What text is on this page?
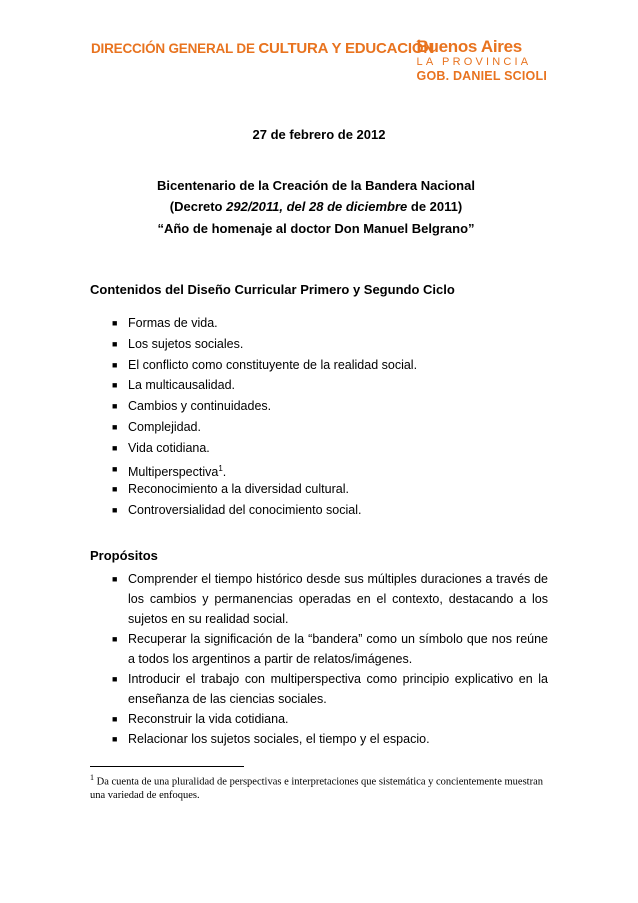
DIRECCIÓN GENERAL DE CULTURA Y EDUCACIÓN
Buenos Aires
LA PROVINCIA
GOB. DANIEL SCIOLI
27 de febrero de 2012
Bicentenario de la Creación de la Bandera Nacional
(Decreto 292/2011, del 28 de diciembre de 2011)
“Año de homenaje al doctor Don Manuel Belgrano”
Contenidos del Diseño Curricular Primero y Segundo Ciclo
■ Formas de vida.
■ Los sujetos sociales.
■ El conflicto como constituyente de la realidad social.
■ La multicausalidad.
■ Cambios y continuidades.
■ Complejidad.
■ Vida cotidiana.
■ Multiperspectiva$^1$.
■ Reconocimiento a la diversidad cultural.
■ Controversialidad del conocimiento social.
Propósitos
■ Comprender el tiempo histórico desde sus múltiples duraciones a través de los cambios y permanencias operadas en el contexto, destacando a los sujetos en su realidad social.
■ Recuperar la significación de la “bandera” como un símbolo que nos reúne a todos los argentinos a partir de relatos/imágenes.
■ Introducir el trabajo con multiperspectiva como principio explicativo en la enseñanza de las ciencias sociales.
■ Reconstruir la vida cotidiana.
■ Relacionar los sujetos sociales, el tiempo y el espacio.
$^1$ Da cuenta de una pluralidad de perspectivas e interpretaciones que sistemática y concientemente muestran una variedad de enfoques.
